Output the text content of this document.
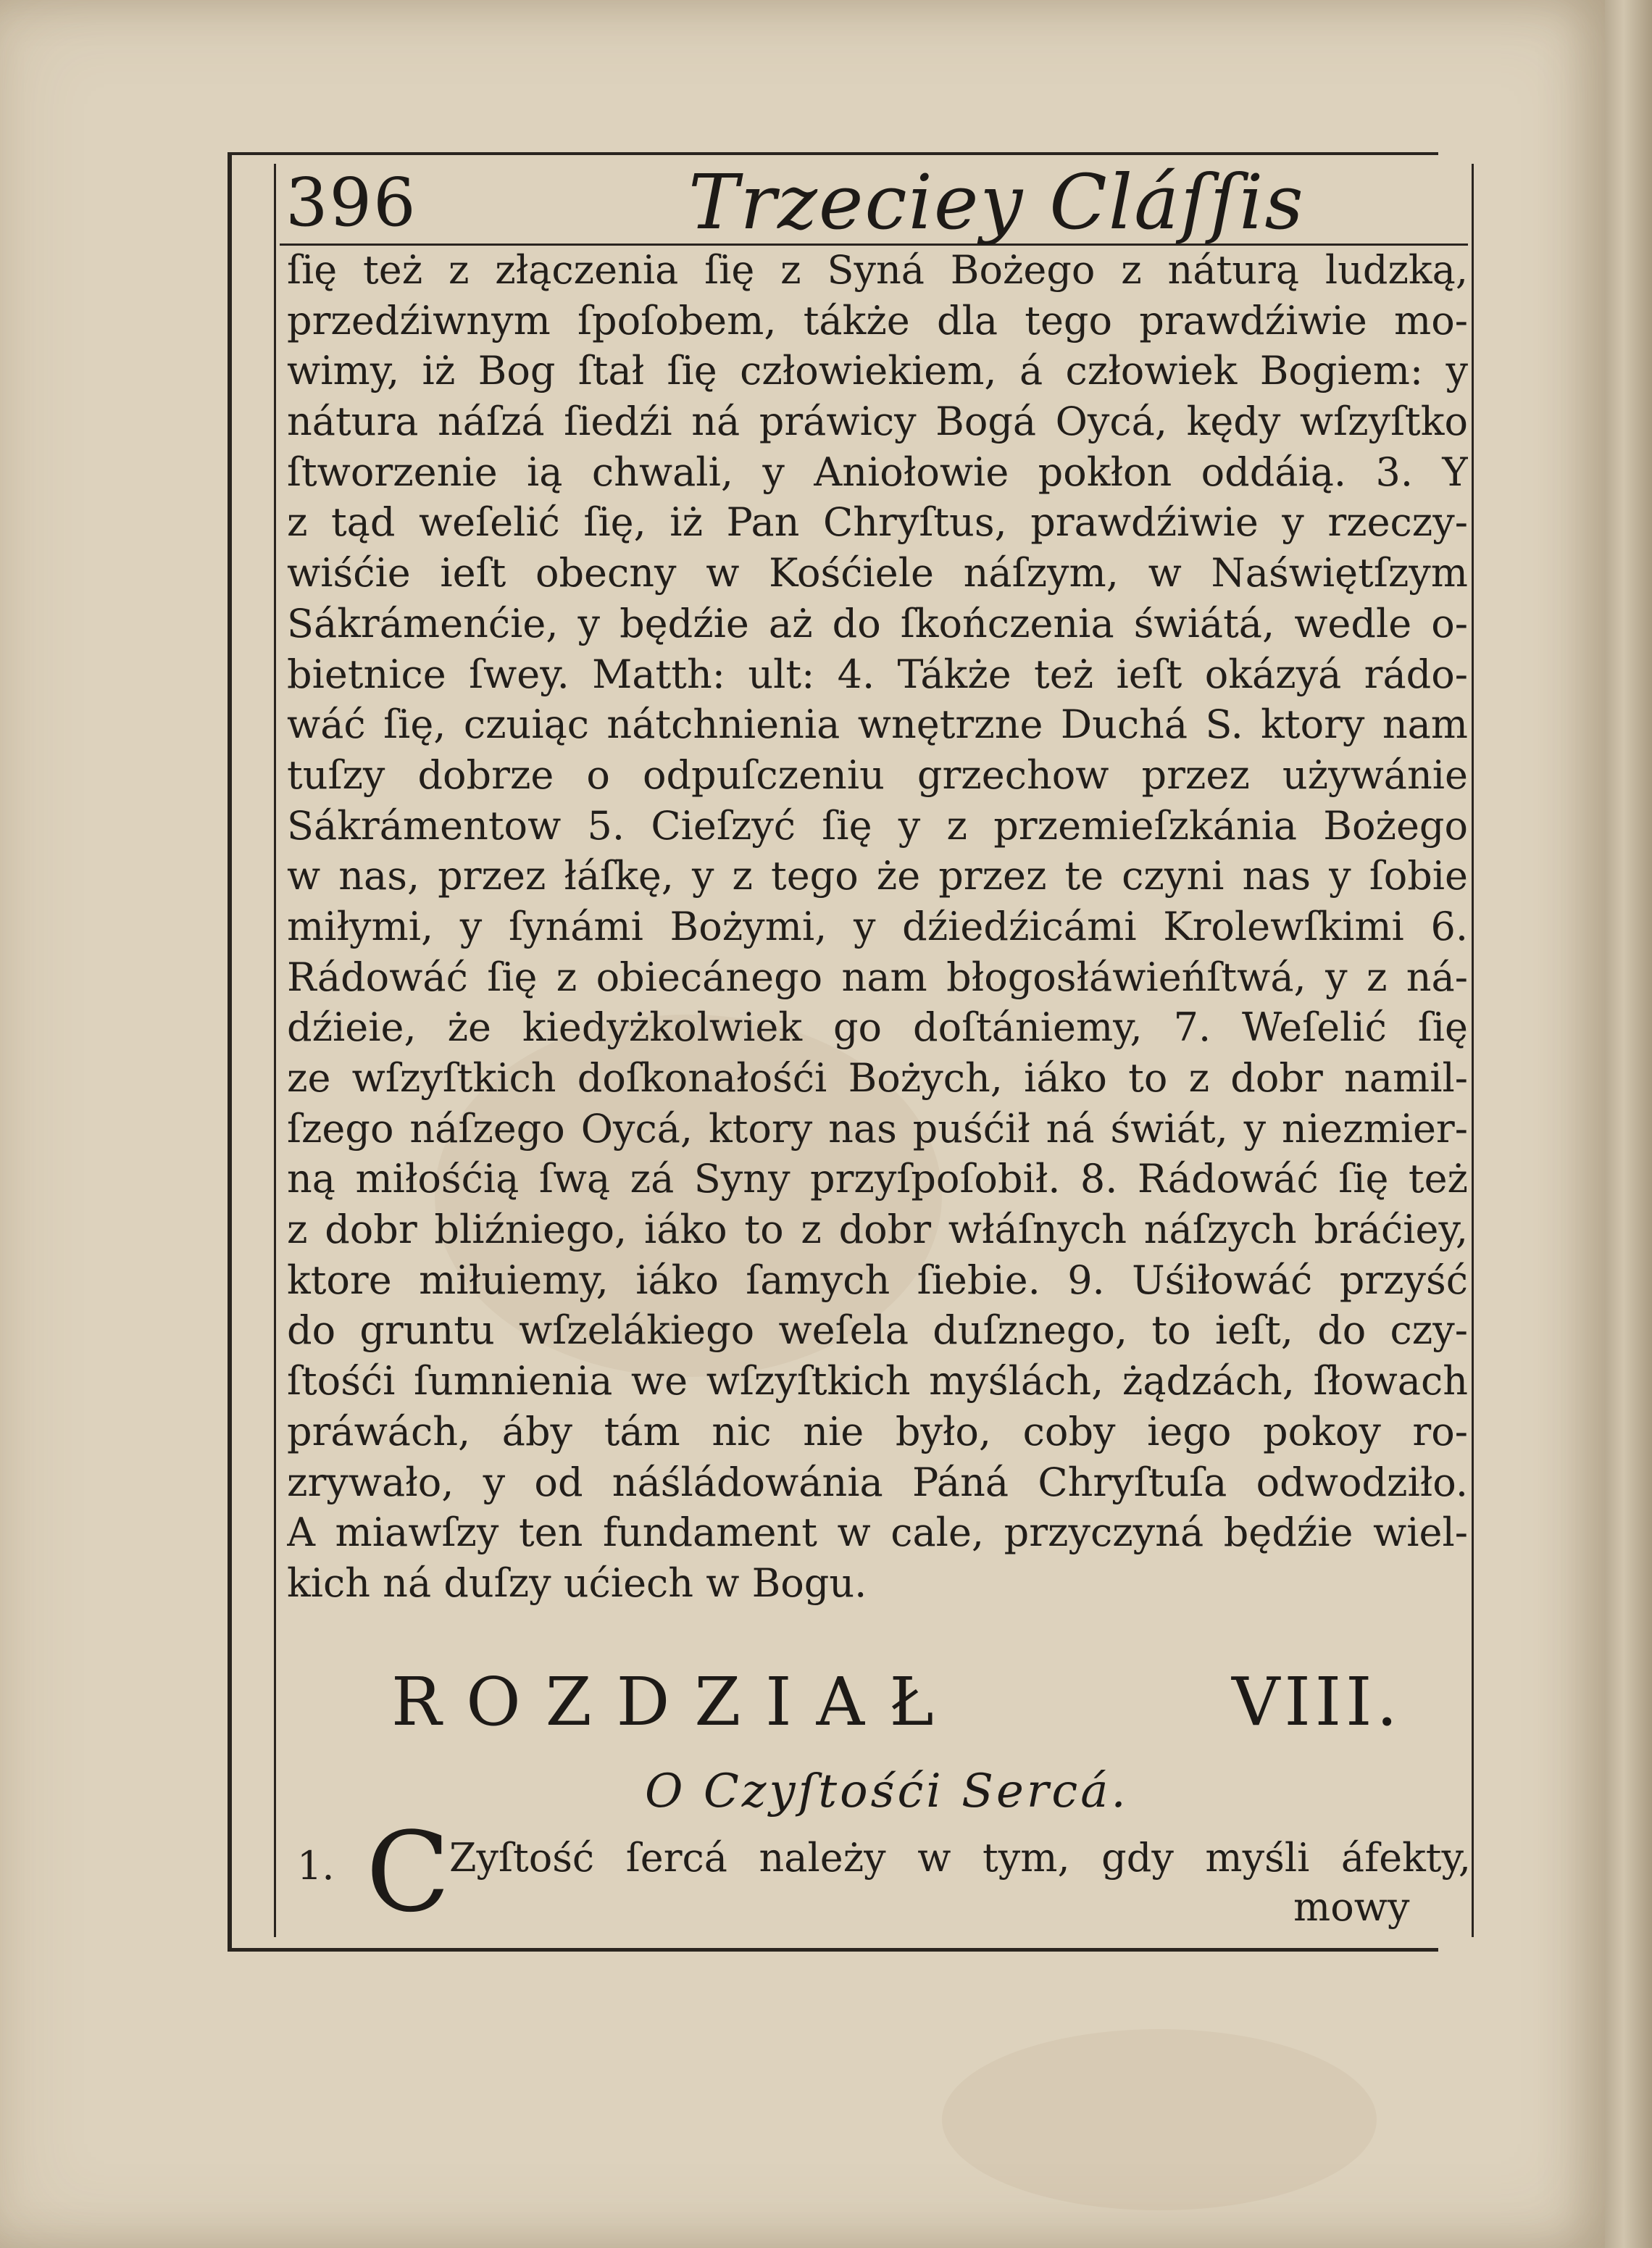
396	Trzeciey Cláſſis
ſię też z złączenia ſię z Syná Bożego z náturą ludzką,
przedźiwnym ſpoſobem, tákże dla tego prawdźiwie mo-
wimy, iż Bog ſtał ſię człowiekiem, á człowiek Bogiem: y
nátura náſzá ſiedźi ná práwicy Bogá Oycá, kędy wſzyſtko
ſtworzenie ią chwali, y Aniołowie pokłon oddáią. 3. Y
z tąd weſelić ſię, iż Pan Chryſtus, prawdźiwie y rzeczy-
wiśćie ieſt obecny w Kośćiele náſzym, w Naświętſzym
Sákrámenćie, y będźie aż do ſkończenia świátá, wedle o-
bietnice ſwey. Matth: ult: 4. Tákże też ieſt okázyá rádo-
wáć ſię, czuiąc nátchnienia wnętrzne Duchá S. ktory nam
tuſzy dobrze o odpuſczeniu grzechow przez używánie
Sákrámentow 5. Cieſzyć ſię y z przemieſzkánia Bożego
w nas, przez łáſkę, y z tego że przez te czyni nas y ſobie
miłymi, y ſynámi Bożymi, y dźiedźicámi Krolewſkimi 6.
Rádowáć ſię z obiecánego nam błogosłáwieńſtwá, y z ná-
dźieie, że kiedyżkolwiek go doſtániemy, 7. Weſelić ſię
ze wſzyſtkich doſkonałośći Bożych, iáko to z dobr namil-
ſzego náſzego Oycá, ktory nas puśćił ná świát, y niezmier-
ną miłośćią ſwą zá Syny przyſpoſobił. 8. Rádowáć ſię też
z dobr bliźniego, iáko to z dobr włáſnych náſzych bráćiey,
ktore miłuiemy, iáko ſamych ſiebie. 9. Uśiłowáć przyść
do gruntu wſzelákiego weſela duſznego, to ieſt, do czy-
ſtośći ſumnienia we wſzyſtkich myślách, żądzách, ſłowach
práwách, áby tám nic nie było, coby iego pokoy ro-
zrywało, y od náśládowánia Páná Chryſtuſa odwodziło.
A miawſzy ten fundament w cale, przyczyná będźie wiel-
kich ná duſzy ućiech w Bogu.
ROZDZIAŁ	VIII.
O Czyſtośći Sercá.
1. C
Zyſtość ſercá należy w tym, gdy myśli áfekty,
mowy
